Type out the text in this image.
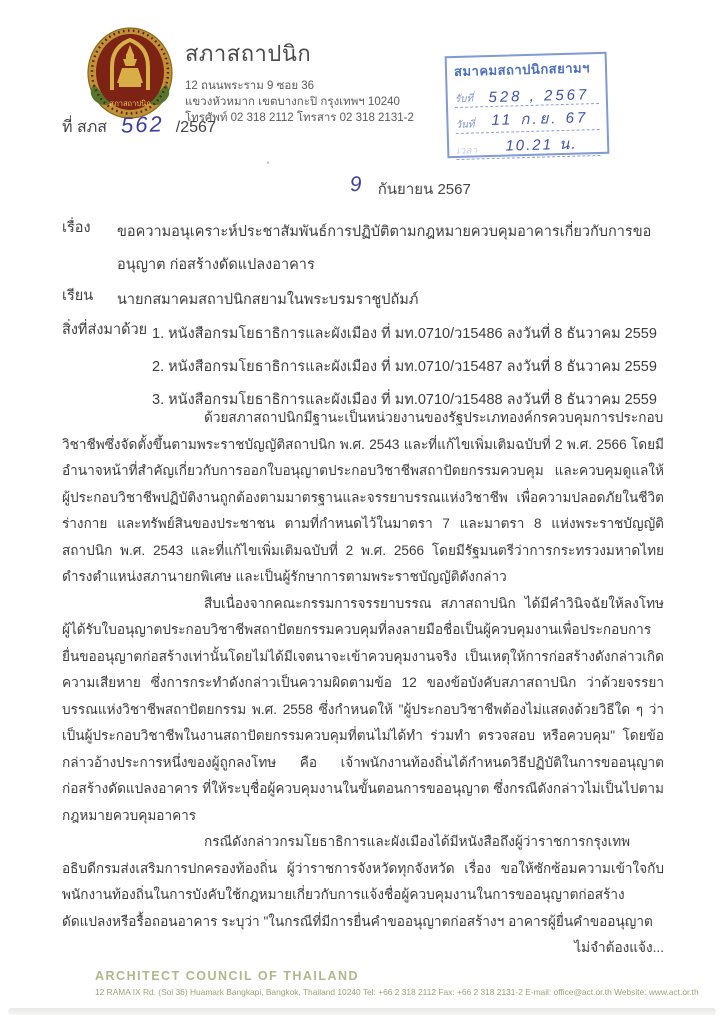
สภาสถาปนิก
สภาสถาปนิก
12 ถนนพระราม 9 ซอย 36
แขวงหัวหมาก เขตบางกะปิ กรุงเทพฯ 10240
โทรศัพท์ 02 318 2112 โทรสาร 02 318 2131-2
สมาคมสถาปนิกสยามฯ
รับที่ 528 , 2567
วันที่	11 ก.ย. 67
เวลา	10.21 น.
ที่ สภส 562 /2567
'
9 กันยายน 2567
เรื่อง	ขอความอนุเคราะห์ประชาสัมพันธ์การปฏิบัติตามกฎหมายควบคุมอาคารเกี่ยวกับการขออนุญาต ก่อสร้างดัดแปลงอาคาร
เรียน	นายกสมาคมสถาปนิกสยามในพระบรมราชูปถัมภ์
สิ่งที่ส่งมาด้วย 1. หนังสือกรมโยธาธิการและผังเมือง ที่ มท.0710/ว15486 ลงวันที่ 8 ธันวาคม 2559
2. หนังสือกรมโยธาธิการและผังเมือง ที่ มท.0710/ว15487 ลงวันที่ 8 ธันวาคม 2559
3. หนังสือกรมโยธาธิการและผังเมือง ที่ มท.0710/ว15488 ลงวันที่ 8 ธันวาคม 2559

ด้วยสภาสถาปนิกมีฐานะเป็นหน่วยงานของรัฐประเภทองค์กรควบคุมการประกอบวิชาชีพซึ่งจัดตั้งขึ้นตามพระราชบัญญัติสถาปนิก พ.ศ. 2543 และที่แก้ไขเพิ่มเติมฉบับที่ 2 พ.ศ. 2566 โดยมีอำนาจหน้าที่สำคัญเกี่ยวกับการออกใบอนุญาตประกอบวิชาชีพสถาปัตยกรรมควบคุม และควบคุมดูแลให้ผู้ประกอบวิชาชีพปฏิบัติงานถูกต้องตามมาตรฐานและจรรยาบรรณแห่งวิชาชีพ เพื่อความปลอดภัยในชีวิต ร่างกาย และทรัพย์สินของประชาชน ตามที่กำหนดไว้ในมาตรา 7 และมาตรา 8 แห่งพระราชบัญญัติสถาปนิก พ.ศ. 2543 และที่แก้ไขเพิ่มเติมฉบับที่ 2 พ.ศ. 2566 โดยมีรัฐมนตรีว่าการกระทรวงมหาดไทยดำรงตำแหน่งสภานายกพิเศษ และเป็นผู้รักษาการตามพระราชบัญญัติดังกล่าว

สืบเนื่องจากคณะกรรมการจรรยาบรรณ สภาสถาปนิก ได้มีคำวินิจฉัยให้ลงโทษ ผู้ได้รับใบอนุญาตประกอบวิชาชีพสถาปัตยกรรมควบคุมที่ลงลายมือชื่อเป็นผู้ควบคุมงานเพื่อประกอบการยื่นขออนุญาตก่อสร้างเท่านั้นโดยไม่ได้มีเจตนาจะเข้าควบคุมงานจริง เป็นเหตุให้การก่อสร้างดังกล่าวเกิดความเสียหาย ซึ่งการกระทำดังกล่าวเป็นความผิดตามข้อ 12 ของข้อบังคับสภาสถาปนิก ว่าด้วยจรรยาบรรณแห่งวิชาชีพสถาปัตยกรรม พ.ศ. 2558 ซึ่งกำหนดให้ "ผู้ประกอบวิชาชีพต้องไม่แสดงด้วยวิธีใด ๆ ว่าเป็นผู้ประกอบวิชาชีพในงานสถาปัตยกรรมควบคุมที่ตนไม่ได้ทำ ร่วมทำ ตรวจสอบ หรือควบคุม" โดยข้อกล่าวอ้างประการหนึ่งของผู้ถูกลงโทษ คือ เจ้าพนักงานท้องถิ่นได้กำหนดวิธีปฏิบัติในการขออนุญาตก่อสร้างดัดแปลงอาคาร ที่ให้ระบุชื่อผู้ควบคุมงานในขั้นตอนการขออนุญาต ซึ่งกรณีดังกล่าวไม่เป็นไปตามกฎหมายควบคุมอาคาร

กรณีดังกล่าวกรมโยธาธิการและผังเมืองได้มีหนังสือถึงผู้ว่าราชการกรุงเทพ อธิบดีกรมส่งเสริมการปกครองท้องถิ่น ผู้ว่าราชการจังหวัดทุกจังหวัด เรื่อง ขอให้ซักซ้อมความเข้าใจกับพนักงานท้องถิ่นในการบังคับใช้กฎหมายเกี่ยวกับการแจ้งชื่อผู้ควบคุมงานในการขออนุญาตก่อสร้างดัดแปลงหรือรื้อถอนอาคาร ระบุว่า "ในกรณีที่มีการยื่นคำขออนุญาตก่อสร้างฯ อาคารผู้ยื่นคำขออนุญาต

ไม่จำต้องแจ้ง...
ARCHITECT COUNCIL OF THAILAND
12 RAMA IX Rd. (Soi 36) Huamark Bangkapi, Bangkok, Thailand 10240 Tel: +66 2 318 2112 Fax: +66 2 318 2131-2 E-mail: office@act.or.th Website: www.act.or.th
